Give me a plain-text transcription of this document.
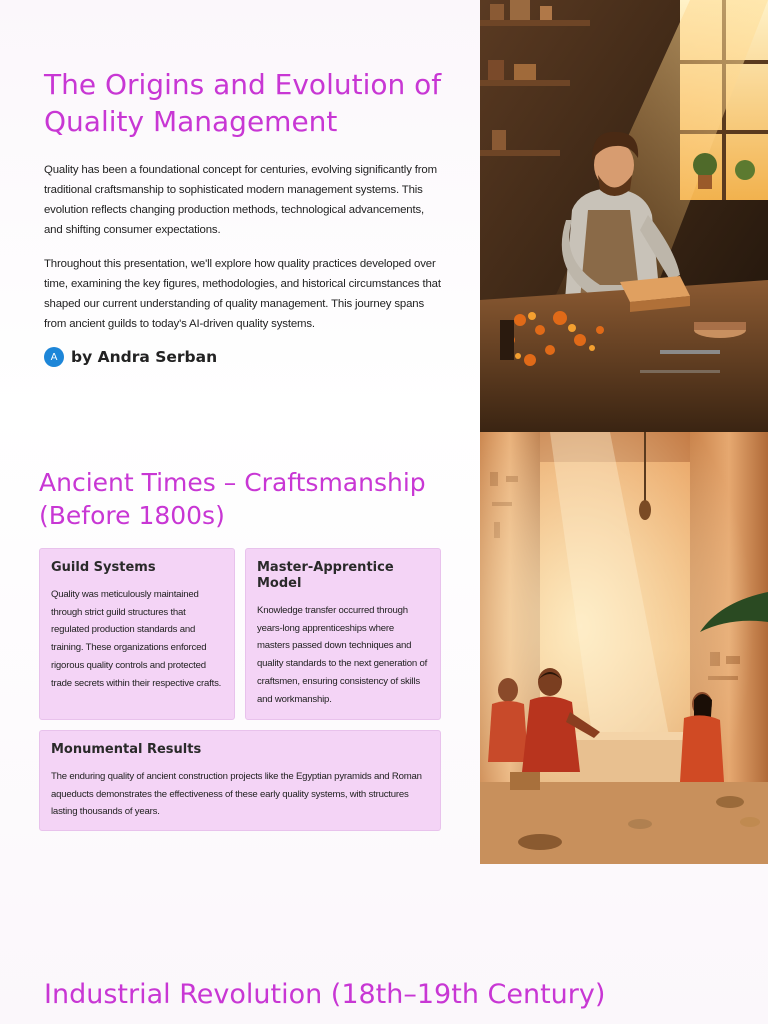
The Origins and Evolution of Quality Management

Quality has been a foundational concept for centuries, evolving significantly from traditional craftsmanship to sophisticated modern management systems. This evolution reflects changing production methods, technological advancements, and shifting consumer expectations.

Throughout this presentation, we'll explore how quality practices developed over time, examining the key figures, methodologies, and historical circumstances that shaped our current understanding of quality management. This journey spans from ancient guilds to today's AI-driven quality systems.

A by Andra Serban
Ancient Times – Craftsmanship (Before 1800s)
Guild Systems

Quality was meticulously maintained through strict guild structures that regulated production standards and training. These organizations enforced rigorous quality controls and protected trade secrets within their respective crafts.

Master-Apprentice Model

Knowledge transfer occurred through years-long apprenticeships where masters passed down techniques and quality standards to the next generation of craftsmen, ensuring consistency of skills and workmanship.

Monumental Results

The enduring quality of ancient construction projects like the Egyptian pyramids and Roman aqueducts demonstrates the effectiveness of these early quality systems, with structures lasting thousands of years.

Industrial Revolution (18th–19th Century)
